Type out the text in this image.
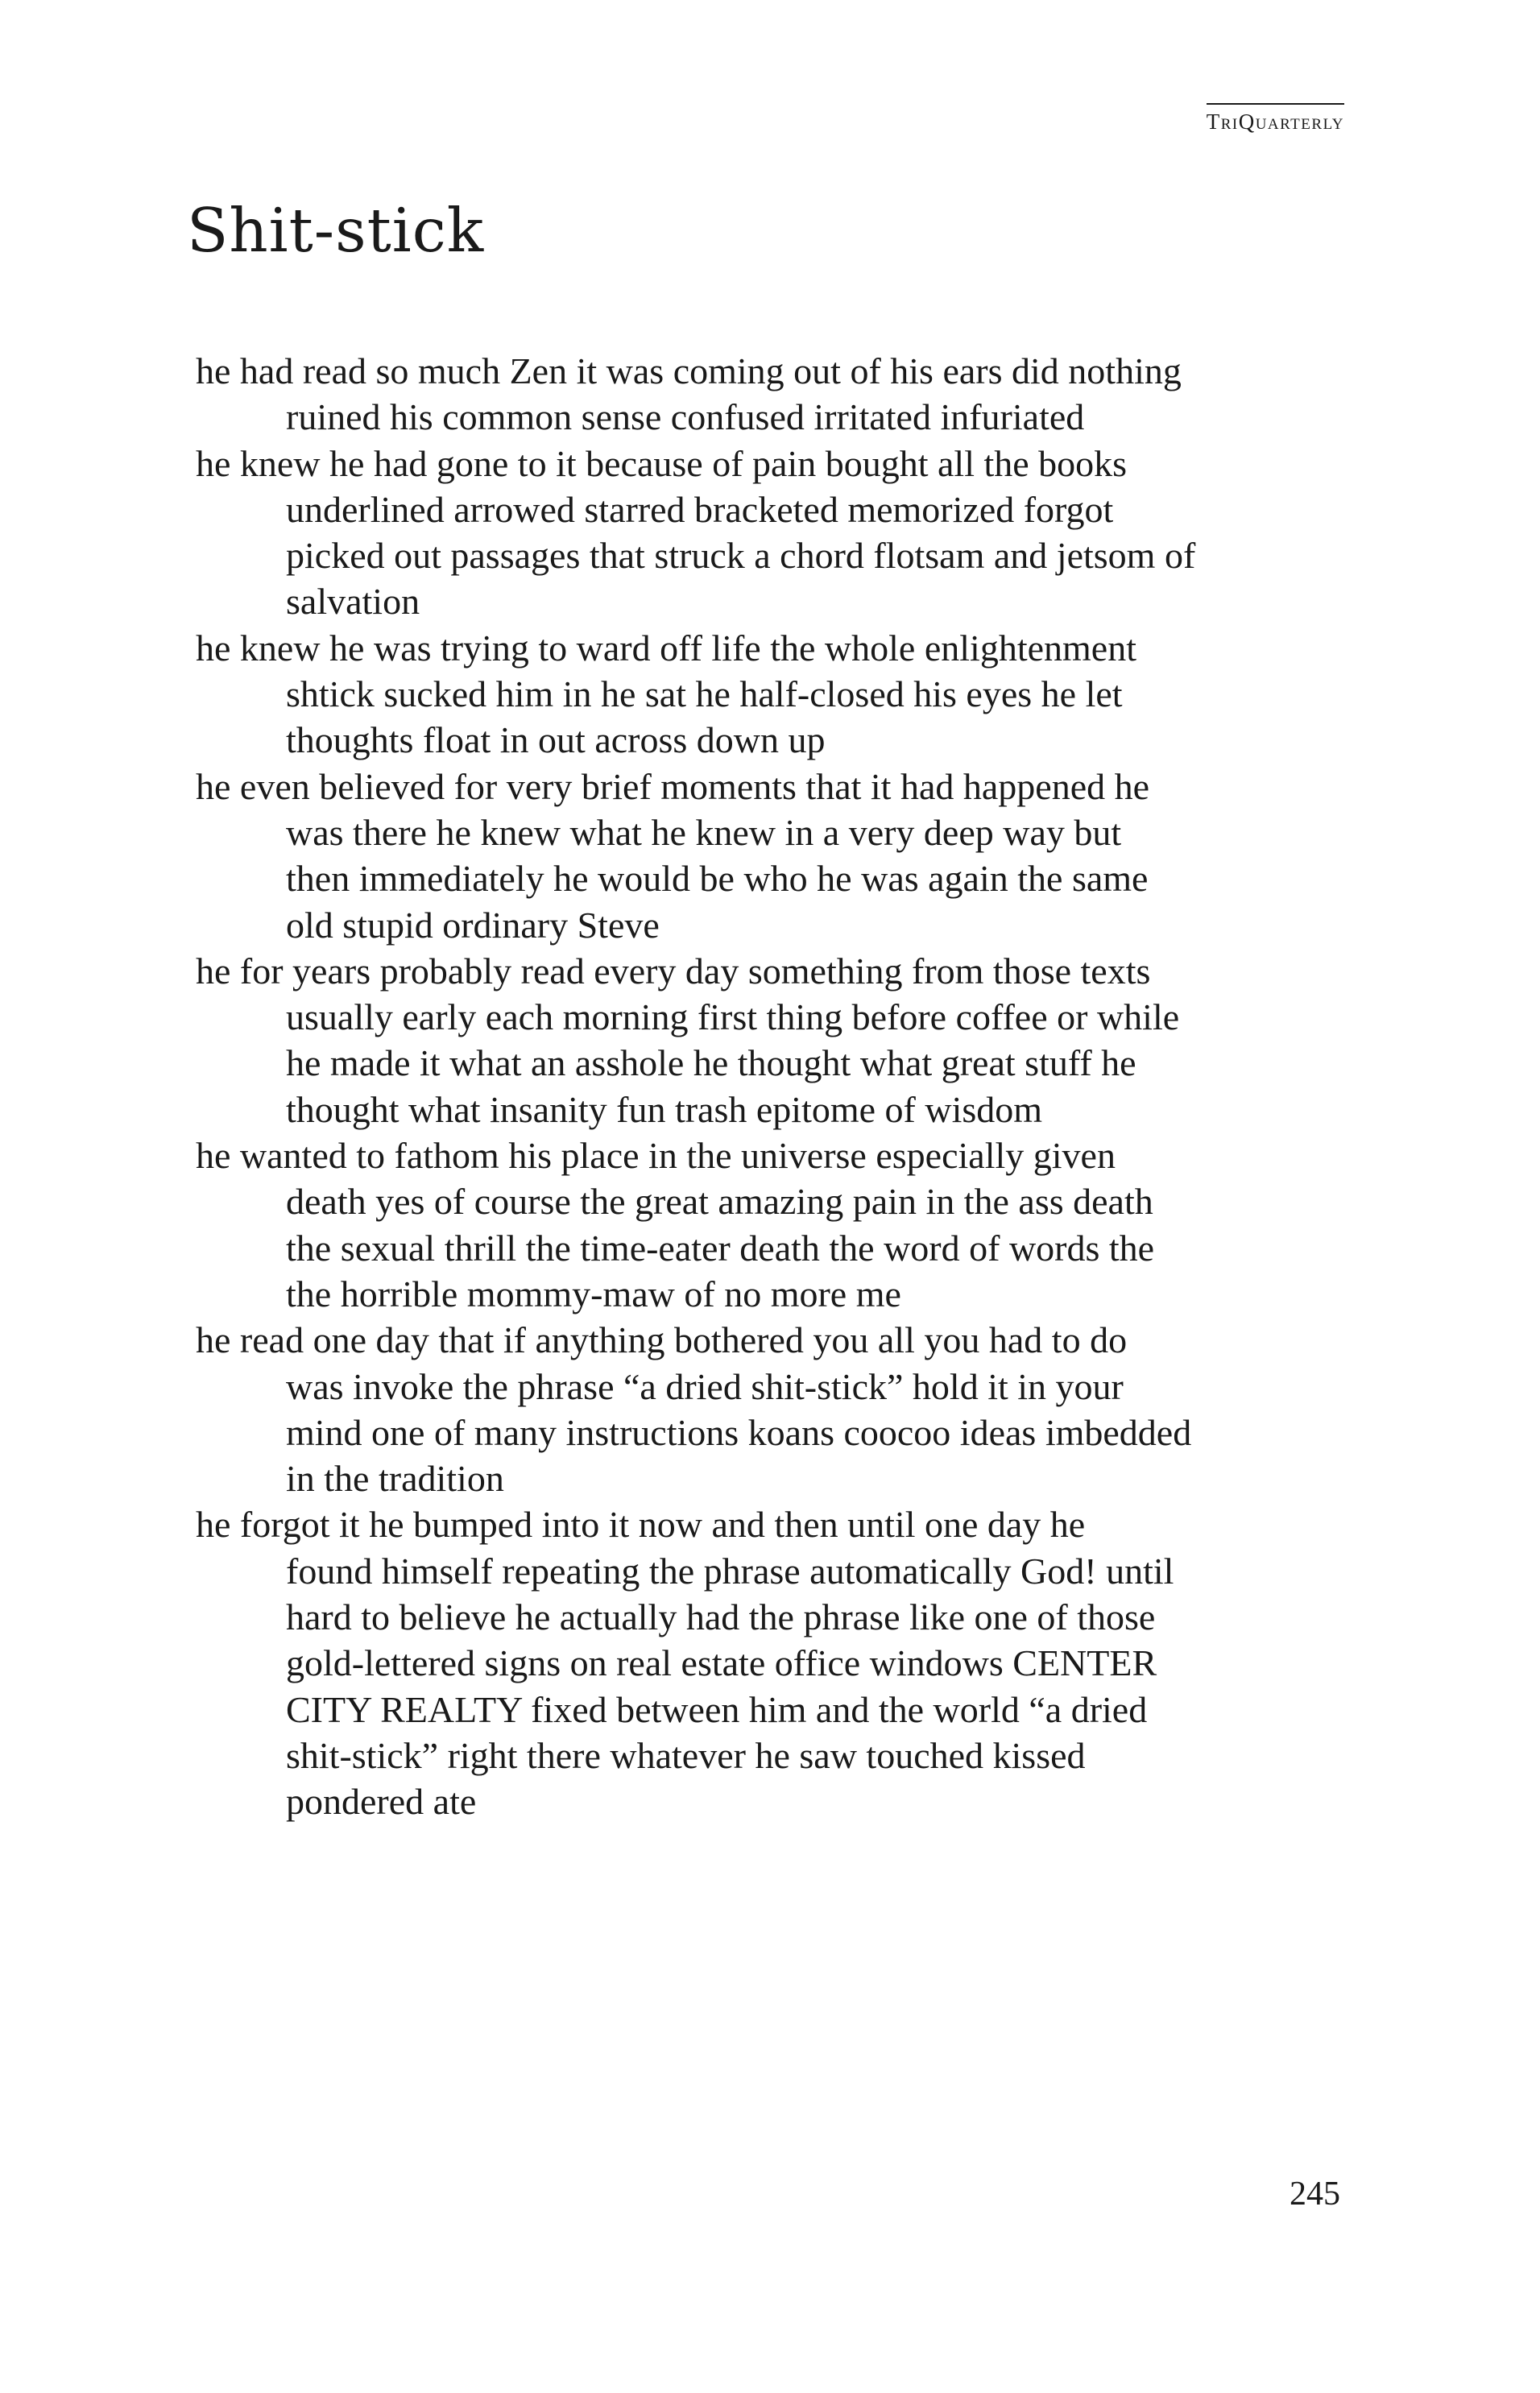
TriQuarterly
Shit-stick
he had read so much Zen it was coming out of his ears did nothing
ruined his common sense confused irritated infuriated
he knew he had gone to it because of pain bought all the books
underlined arrowed starred bracketed memorized forgot
picked out passages that struck a chord flotsam and jetsom of
salvation
he knew he was trying to ward off life the whole enlightenment
shtick sucked him in he sat he half-closed his eyes he let
thoughts float in out across down up
he even believed for very brief moments that it had happened he
was there he knew what he knew in a very deep way but
then immediately he would be who he was again the same
old stupid ordinary Steve
he for years probably read every day something from those texts
usually early each morning first thing before coffee or while
he made it what an asshole he thought what great stuff he
thought what insanity fun trash epitome of wisdom
he wanted to fathom his place in the universe especially given
death yes of course the great amazing pain in the ass death
the sexual thrill the time-eater death the word of words the
the horrible mommy-maw of no more me
he read one day that if anything bothered you all you had to do
was invoke the phrase “a dried shit-stick” hold it in your
mind one of many instructions koans coocoo ideas imbedded
in the tradition
he forgot it he bumped into it now and then until one day he
found himself repeating the phrase automatically God! until
hard to believe he actually had the phrase like one of those
gold-lettered signs on real estate office windows CENTER
CITY REALTY fixed between him and the world “a dried
shit-stick” right there whatever he saw touched kissed
pondered ate
245
